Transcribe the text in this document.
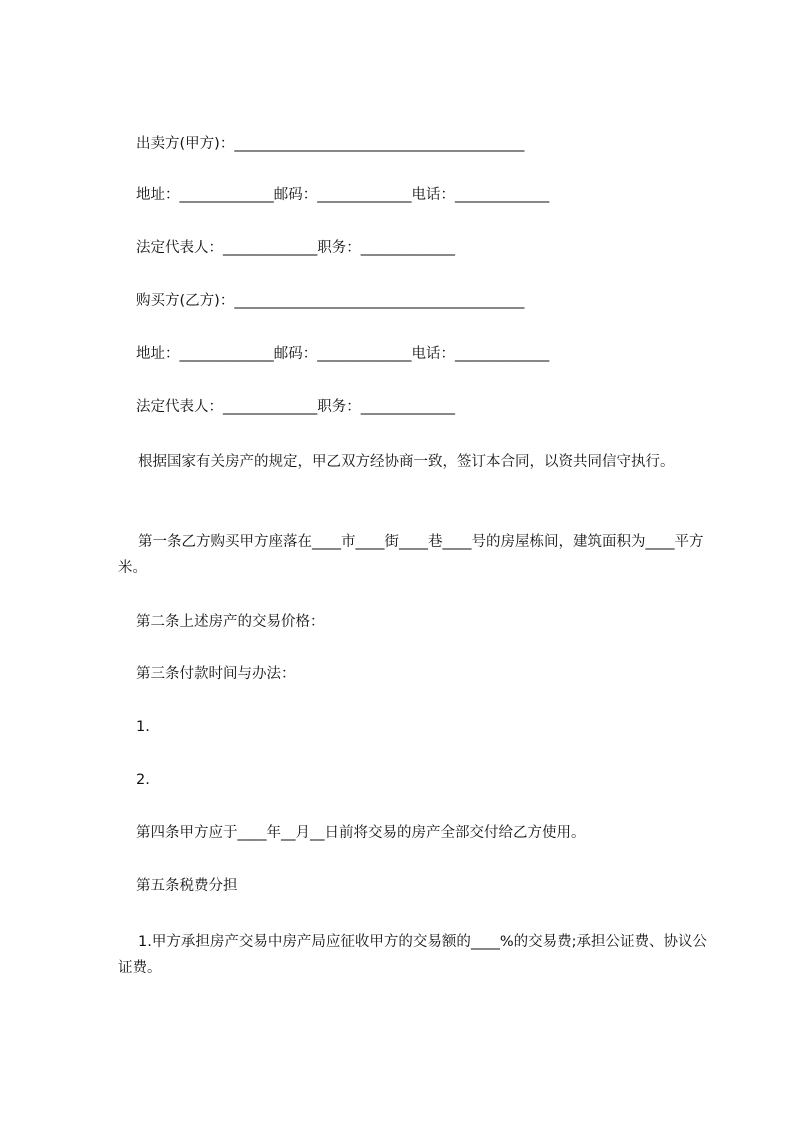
出卖方(甲方)：________________________________________
地址：_____________邮码：_____________电话：_____________
法定代表人：_____________职务：_____________
购买方(乙方)：________________________________________
地址：_____________邮码：_____________电话：_____________
法定代表人：_____________职务：_____________
根据国家有关房产的规定，甲乙双方经协商一致，签订本合同，以资共同信守执行。
第一条乙方购买甲方座落在____市____街____巷____号的房屋栋间，建筑面积为____平方米。
第二条上述房产的交易价格：
第三条付款时间与办法：
1.
2.
第四条甲方应于____年__月__日前将交易的房产全部交付给乙方使用。
第五条税费分担
1.甲方承担房产交易中房产局应征收甲方的交易额的____%的交易费;承担公证费、协议公证费。
